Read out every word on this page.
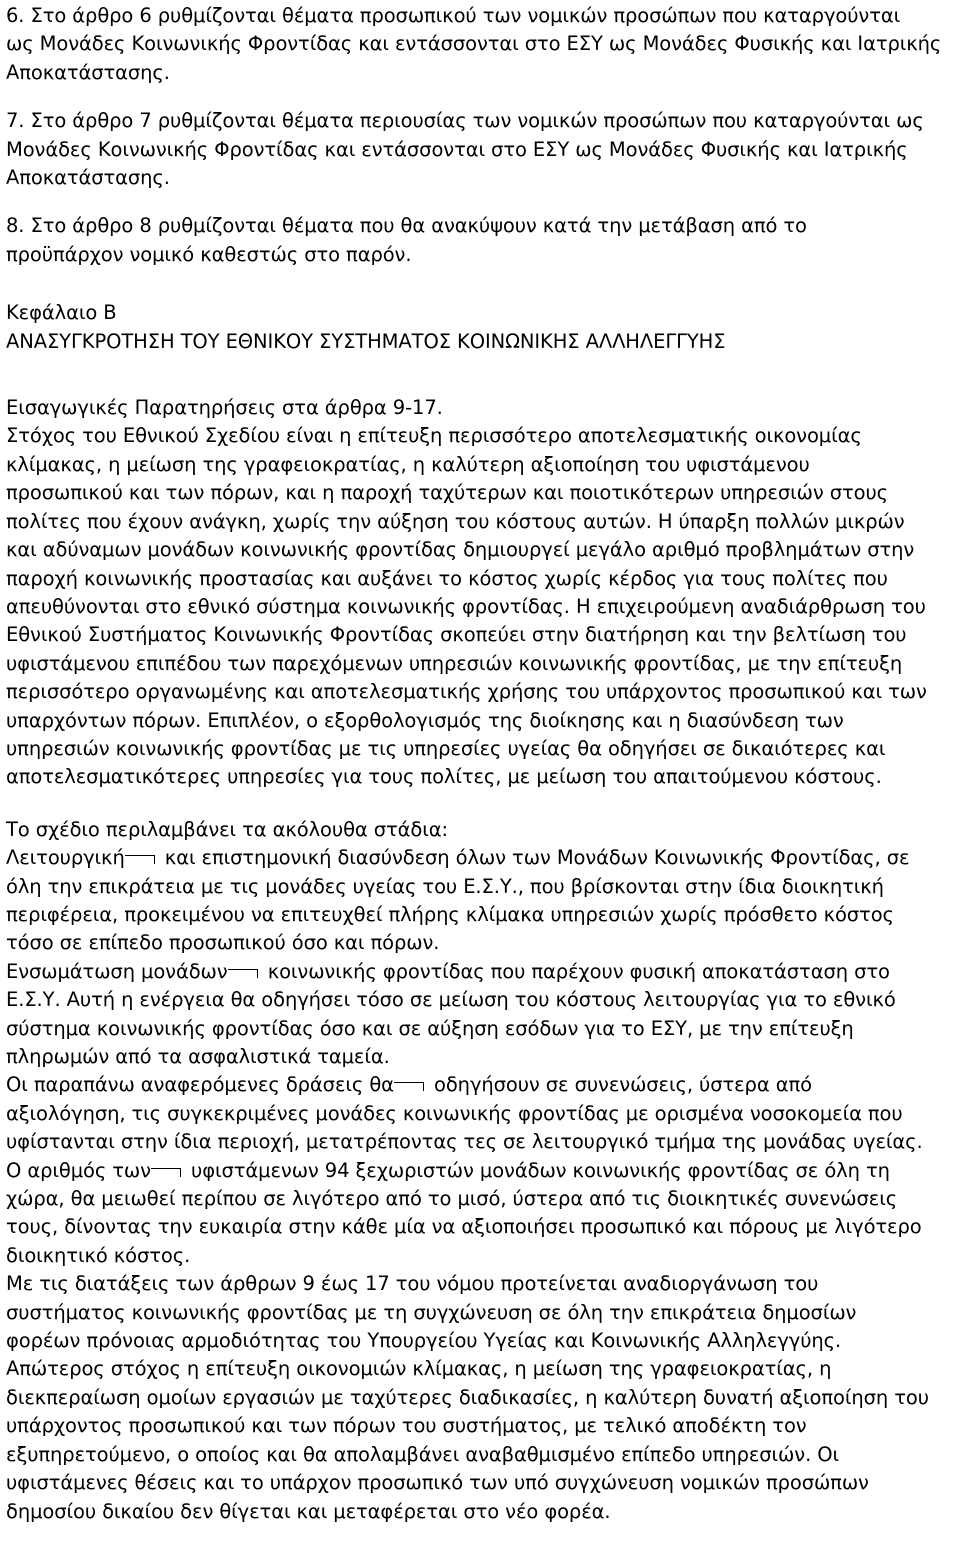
6. Στο άρθρο 6 ρυθμίζονται θέματα προσωπικού των νομικών προσώπων που καταργούνται
ως Μονάδες Κοινωνικής Φροντίδας και εντάσσονται στο ΕΣΥ ως Μονάδες Φυσικής και Ιατρικής
Αποκατάστασης.
7. Στο άρθρο 7 ρυθμίζονται θέματα περιουσίας των νομικών προσώπων που καταργούνται ως
Μονάδες Κοινωνικής Φροντίδας και εντάσσονται στο ΕΣΥ ως Μονάδες Φυσικής και Ιατρικής
Αποκατάστασης.
8. Στο άρθρο 8 ρυθμίζονται θέματα που θα ανακύψουν κατά την μετάβαση από το
προϋπάρχον νομικό καθεστώς στο παρόν.
Κεφάλαιο Β
ΑΝΑΣΥΓΚΡΟΤΗΣΗ ΤΟΥ ΕΘΝΙΚΟΥ ΣΥΣΤΗΜΑΤΟΣ ΚΟΙΝΩΝΙΚΗΣ ΑΛΛΗΛΕΓΓΥΗΣ
Εισαγωγικές Παρατηρήσεις στα άρθρα 9-17.
Στόχος του Εθνικού Σχεδίου είναι η επίτευξη περισσότερο αποτελεσματικής οικονομίας
κλίμακας, η μείωση της γραφειοκρατίας, η καλύτερη αξιοποίηση του υφιστάμενου
προσωπικού και των πόρων, και η παροχή ταχύτερων και ποιοτικότερων υπηρεσιών στους
πολίτες που έχουν ανάγκη, χωρίς την αύξηση του κόστους αυτών. Η ύπαρξη πολλών μικρών
και αδύναμων μονάδων κοινωνικής φροντίδας δημιουργεί μεγάλο αριθμό προβλημάτων στην
παροχή κοινωνικής προστασίας και αυξάνει το κόστος χωρίς κέρδος για τους πολίτες που
απευθύνονται στο εθνικό σύστημα κοινωνικής φροντίδας. Η επιχειρούμενη αναδιάρθρωση του
Εθνικού Συστήματος Κοινωνικής Φροντίδας σκοπεύει στην διατήρηση και την βελτίωση του
υφιστάμενου επιπέδου των παρεχόμενων υπηρεσιών κοινωνικής φροντίδας, με την επίτευξη
περισσότερο οργανωμένης και αποτελεσματικής χρήσης του υπάρχοντος προσωπικού και των
υπαρχόντων πόρων. Επιπλέον, ο εξορθολογισμός της διοίκησης και η διασύνδεση των
υπηρεσιών κοινωνικής φροντίδας με τις υπηρεσίες υγείας θα οδηγήσει σε δικαιότερες και
αποτελεσματικότερες υπηρεσίες για τους πολίτες, με μείωση του απαιτούμενου κόστους.
Το σχέδιο περιλαμβάνει τα ακόλουθα στάδια:
Λειτουργική και επιστημονική διασύνδεση όλων των Μονάδων Κοινωνικής Φροντίδας, σε
όλη την επικράτεια με τις μονάδες υγείας του Ε.Σ.Υ., που βρίσκονται στην ίδια διοικητική
περιφέρεια, προκειμένου να επιτευχθεί πλήρης κλίμακα υπηρεσιών χωρίς πρόσθετο κόστος
τόσο σε επίπεδο προσωπικού όσο και πόρων.
Ενσωμάτωση μονάδων κοινωνικής φροντίδας που παρέχουν φυσική αποκατάσταση στο
Ε.Σ.Υ. Αυτή η ενέργεια θα οδηγήσει τόσο σε μείωση του κόστους λειτουργίας για το εθνικό
σύστημα κοινωνικής φροντίδας όσο και σε αύξηση εσόδων για το ΕΣΥ, με την επίτευξη
πληρωμών από τα ασφαλιστικά ταμεία.
Οι παραπάνω αναφερόμενες δράσεις θα οδηγήσουν σε συνενώσεις, ύστερα από
αξιολόγηση, τις συγκεκριμένες μονάδες κοινωνικής φροντίδας με ορισμένα νοσοκομεία που
υφίστανται στην ίδια περιοχή, μετατρέποντας τες σε λειτουργικό τμήμα της μονάδας υγείας.
Ο αριθμός των υφιστάμενων 94 ξεχωριστών μονάδων κοινωνικής φροντίδας σε όλη τη
χώρα, θα μειωθεί περίπου σε λιγότερο από το μισό, ύστερα από τις διοικητικές συνενώσεις
τους, δίνοντας την ευκαιρία στην κάθε μία να αξιοποιήσει προσωπικό και πόρους με λιγότερο
διοικητικό κόστος.
Με τις διατάξεις των άρθρων 9 έως 17 του νόμου προτείνεται αναδιοργάνωση του
συστήματος κοινωνικής φροντίδας με τη συγχώνευση σε όλη την επικράτεια δημοσίων
φορέων πρόνοιας αρμοδιότητας του Υπουργείου Υγείας και Κοινωνικής Αλληλεγγύης.
Απώτερος στόχος η επίτευξη οικονομιών κλίμακας, η μείωση της γραφειοκρατίας, η
διεκπεραίωση ομοίων εργασιών με ταχύτερες διαδικασίες, η καλύτερη δυνατή αξιοποίηση του
υπάρχοντος προσωπικού και των πόρων του συστήματος, με τελικό αποδέκτη τον
εξυπηρετούμενο, ο οποίος και θα απολαμβάνει αναβαθμισμένο επίπεδο υπηρεσιών. Οι
υφιστάμενες θέσεις και το υπάρχον προσωπικό των υπό συγχώνευση νομικών προσώπων
δημοσίου δικαίου δεν θίγεται και μεταφέρεται στο νέο φορέα.
